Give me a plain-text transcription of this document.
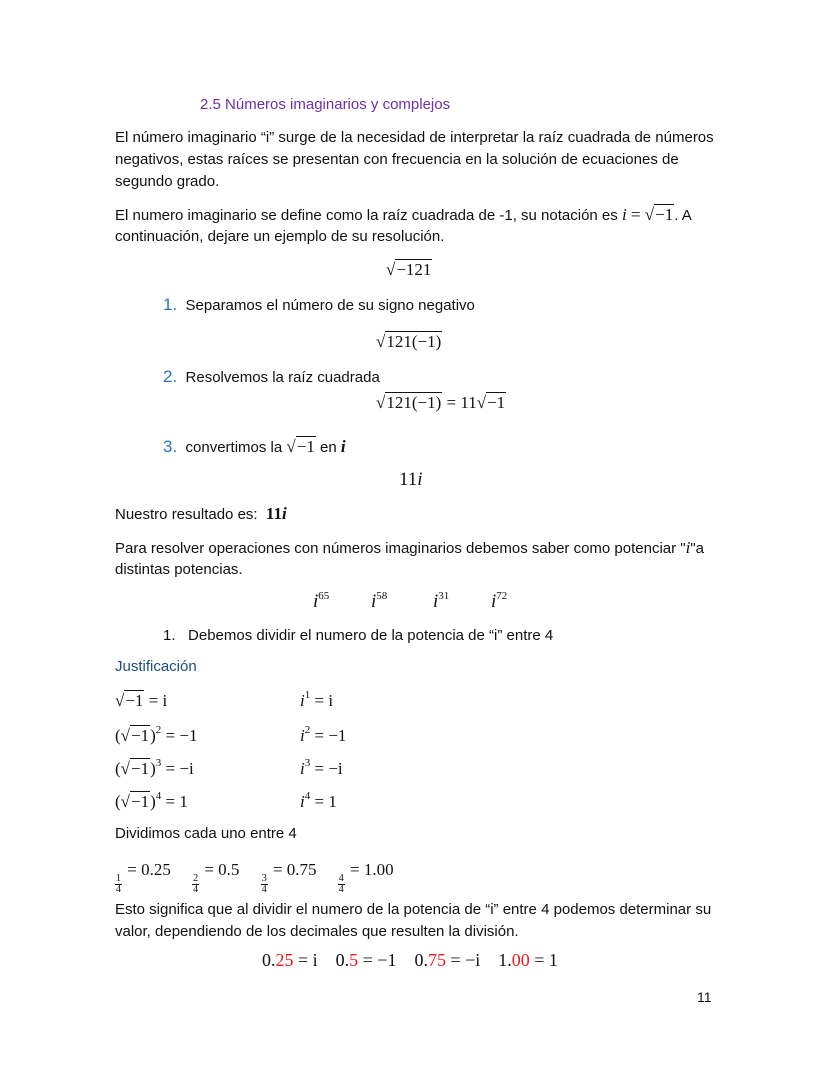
2.5 Números imaginarios y complejos
El número imaginario “i” surge de la necesidad de interpretar la raíz cuadrada de números
negativos, estas raíces se presentan con frecuencia en la solución de ecuaciones de
segundo grado.
El numero imaginario se define como la raíz cuadrada de -1, su notación es i = √ −1. A
continuación, dejare un ejemplo de su resolución.
√ −121
1. Separamos el número de su signo negativo
√ 121(−1)
2. Resolvemos la raíz cuadrada
√ 121(−1) = 11 √ −1
3. convertimos la √ −1 en i
11i
Nuestro resultado es: 11i
Para resolver operaciones con números imaginarios debemos saber como potenciar "i"a
distintas potencias.
$i^{65}$ $i^{58}$ $i^{31}$ $i^{72}$
1. Debemos dividir el numero de la potencia de “i” entre 4
Justificación
√ −1 = i	$i^1 = i$
( √ −1)$^2$ = −1	$i^2 = -1$
( √ −1)$^3$ = −i	$i^3 = -i$
( √ −1)$^4$ = 1	$i^4 = 1$
Dividimos cada uno entre 4
$\frac{1}{4}$
= 0.25
$\frac{2}{4}$
= 0.5
$\frac{3}{4}$
= 0.75
$\frac{4}{4}$
= 1.00
Esto significa que al dividir el numero de la potencia de “i” entre 4 podemos determinar su
valor, dependiendo de los decimales que resulten la división.
0.25 = i 0.5 = −1 0.75 = −i 1.00 = 1
11
